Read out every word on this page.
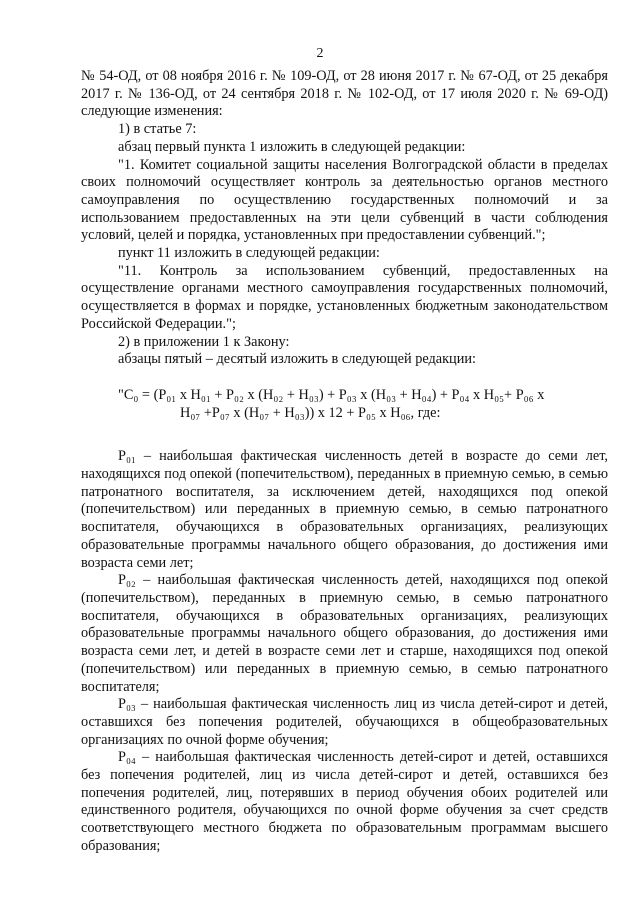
2

№ 54-ОД, от 08 ноября 2016 г. № 109-ОД, от 28 июня 2017 г. № 67-ОД, от 25 декабря 2017 г. № 136-ОД, от 24 сентября 2018 г. № 102-ОД, от 17 июля 2020 г. № 69-ОД) следующие изменения:

1) в статье 7:

абзац первый пункта 1 изложить в следующей редакции:

"1. Комитет социальной защиты населения Волгоградской области в пределах своих полномочий осуществляет контроль за деятельностью органов местного самоуправления по осуществлению государственных полномочий и за использованием предоставленных на эти цели субвенций в части соблюдения условий, целей и порядка, установленных при предоставлении субвенций.";

пункт 11 изложить в следующей редакции:

"11. Контроль за использованием субвенций, предоставленных на осуществление органами местного самоуправления государственных полномочий, осуществляется в формах и порядке, установленных бюджетным законодательством Российской Федерации.";

2) в приложении 1 к Закону:

абзацы пятый – десятый изложить в следующей редакции:

"C₀ = (P₀₁ x H₀₁ + P₀₂ x (H₀₂ + H₀₃) + P₀₃ x (H₀₃ + H₀₄) + P₀₄ x H₀₅+ P₀₆ x
H₀₇ +P₀₇ x (H₀₇ + H₀₃)) x 12 + P₀₅ x H₀₆, где:

P₀₁ – наибольшая фактическая численность детей в возрасте до семи лет, находящихся под опекой (попечительством), переданных в приемную семью, в семью патронатного воспитателя, за исключением детей, находящихся под опекой (попечительством) или переданных в приемную семью, в семью патронатного воспитателя, обучающихся в образовательных организациях, реализующих образовательные программы начального общего образования, до достижения ими возраста семи лет;

P₀₂ – наибольшая фактическая численность детей, находящихся под опекой (попечительством), переданных в приемную семью, в семью патронатного воспитателя, обучающихся в образовательных организациях, реализующих образовательные программы начального общего образования, до достижения ими возраста семи лет, и детей в возрасте семи лет и старше, находящихся под опекой (попечительством) или переданных в приемную семью, в семью патронатного воспитателя;

P₀₃ – наибольшая фактическая численность лиц из числа детей-сирот и детей, оставшихся без попечения родителей, обучающихся в общеобразовательных организациях по очной форме обучения;

P₀₄ – наибольшая фактическая численность детей-сирот и детей, оставшихся без попечения родителей, лиц из числа детей-сирот и детей, оставшихся без попечения родителей, лиц, потерявших в период обучения обоих родителей или единственного родителя, обучающихся по очной форме обучения за счет средств соответствующего местного бюджета по образовательным программам высшего образования;
